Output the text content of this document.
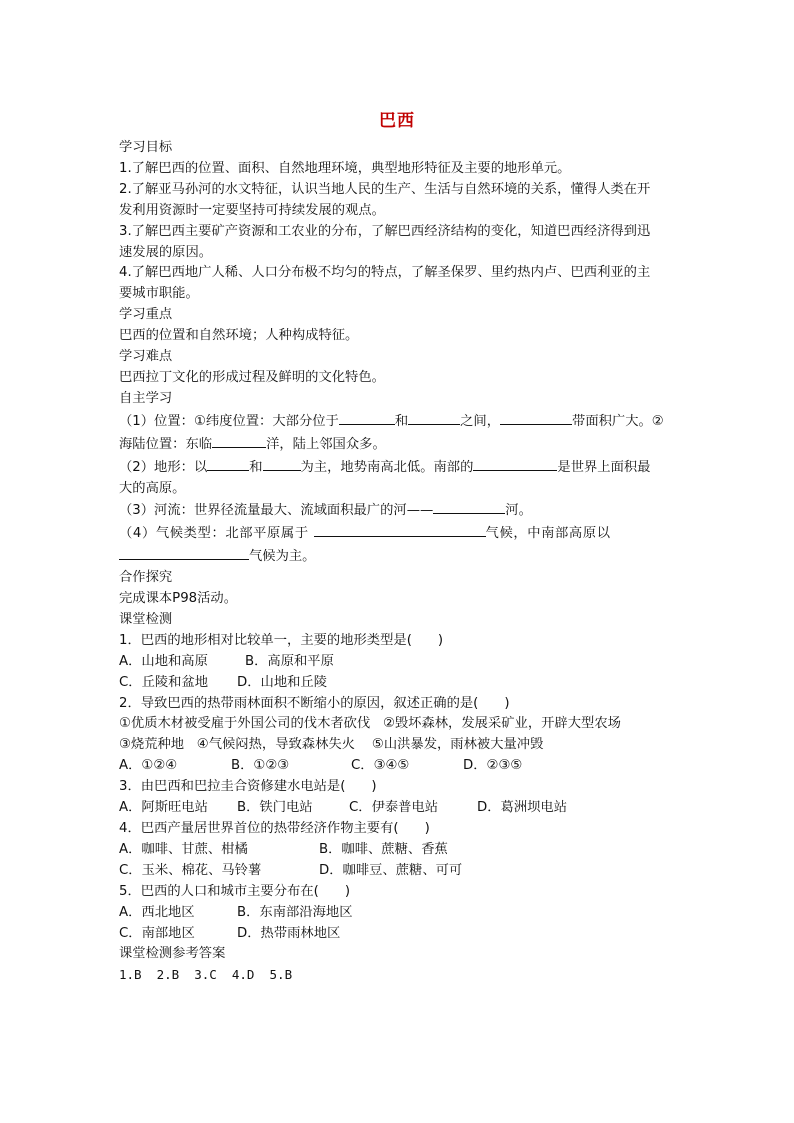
巴西
学习目标
1.了解巴西的位置、面积、自然地理环境，典型地形特征及主要的地形单元。
2.了解亚马孙河的水文特征，认识当地人民的生产、生活与自然环境的关系，懂得人类在开
发利用资源时一定要坚持可持续发展的观点。
3.了解巴西主要矿产资源和工农业的分布，了解巴西经济结构的变化，知道巴西经济得到迅
速发展的原因。
4.了解巴西地广人稀、人口分布极不均匀的特点，了解圣保罗、里约热内卢、巴西利亚的主
要城市职能。
学习重点
巴西的位置和自然环境；人种构成特征。
学习难点
巴西拉丁文化的形成过程及鲜明的文化特色。
自主学习
（1）位置：①纬度位置：大部分位于	和	之间，	带面积广大。②
海陆位置：东临	洋，陆上邻国众多。
（2）地形：以	和	为主，地势南高北低。南部的	是世界上面积最
大的高原。
（3）河流：世界径流量最大、流域面积最广的河——	河。
（4）气候类型：北部平原属于	气候，中南部高原以
气候为主。
合作探究
完成课本P98活动。
课堂检测
1．巴西的地形相对比较单一，主要的地形类型是( )
A．山地和高原	B．高原和平原
C．丘陵和盆地 D．山地和丘陵
2．导致巴西的热带雨林面积不断缩小的原因，叙述正确的是( )
①优质木材被受雇于外国公司的伐木者砍伐 ②毁坏森林，发展采矿业，开辟大型农场
③烧荒种地 ④气候闷热，导致森林失火 ⑤山洪暴发，雨林被大量冲毁
A．①②④	B．①②③	C．③④⑤	D．②③⑤
3．由巴西和巴拉圭合资修建水电站是( )
A．阿斯旺电站 B．铁门电站	C．伊泰普电站	D．葛洲坝电站
4．巴西产量居世界首位的热带经济作物主要有( )
A．咖啡、甘蔗、柑橘	B．咖啡、蔗糖、香蕉
C．玉米、棉花、马铃薯	D．咖啡豆、蔗糖、可可
5．巴西的人口和城市主要分布在( )
A．西北地区	B．东南部沿海地区
C．南部地区	D．热带雨林地区
课堂检测参考答案
1.B  2.B  3.C  4.D  5.B
